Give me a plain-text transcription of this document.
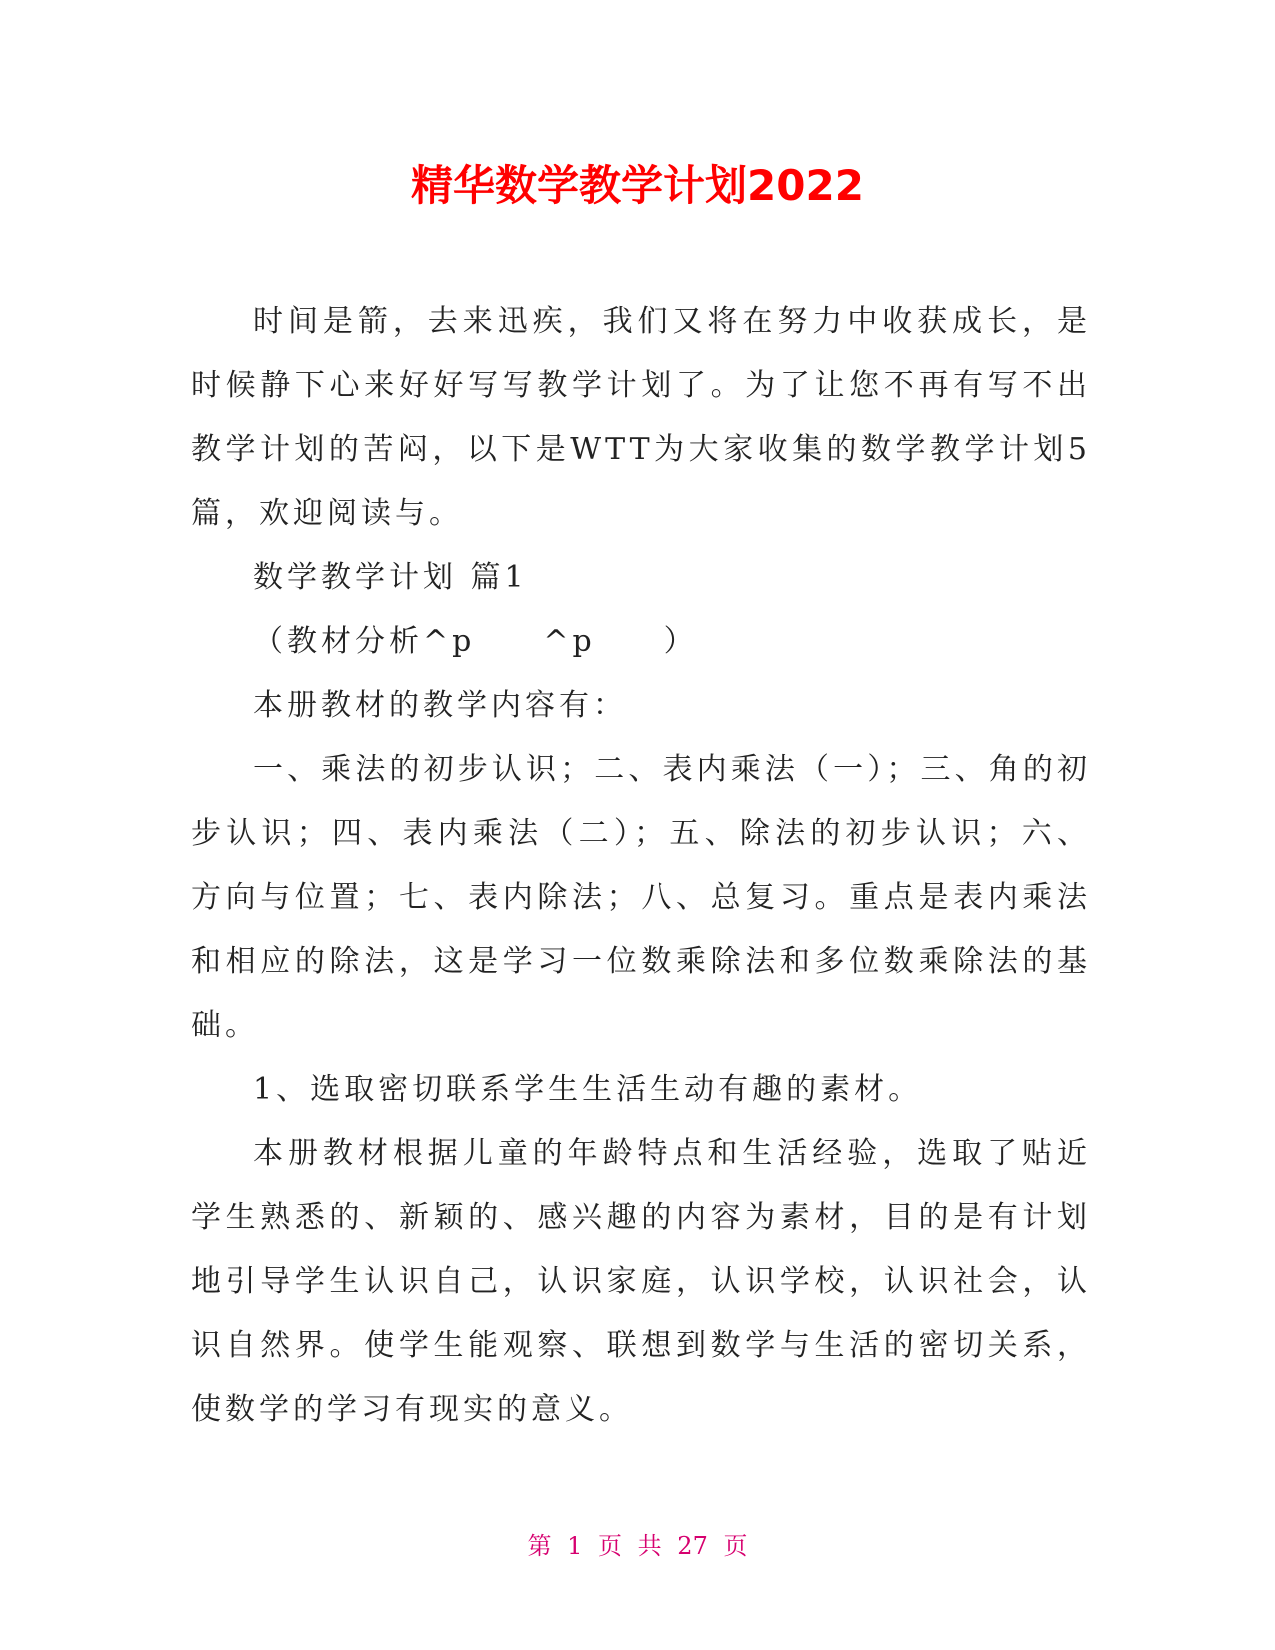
精华数学教学计划2022

时间是箭，去来迅疾，我们又将在努力中收获成长，是时候静下心来好好写写教学计划了。为了让您不再有写不出教学计划的苦闷，以下是WTT为大家收集的数学教学计划5篇，欢迎阅读与。

数学教学计划 篇1

（教材分析^p　　^p　　）

本册教材的教学内容有：

一、乘法的初步认识；二、表内乘法（一）；三、角的初步认识；四、表内乘法（二）；五、除法的初步认识；六、方向与位置；七、表内除法；八、总复习。重点是表内乘法和相应的除法，这是学习一位数乘除法和多位数乘除法的基础。

1、选取密切联系学生生活生动有趣的素材。

本册教材根据儿童的年龄特点和生活经验，选取了贴近学生熟悉的、新颖的、感兴趣的内容为素材，目的是有计划地引导学生认识自己，认识家庭，认识学校，认识社会，认识自然界。使学生能观察、联想到数学与生活的密切关系，使数学的学习有现实的意义。

第 1 页 共 27 页
